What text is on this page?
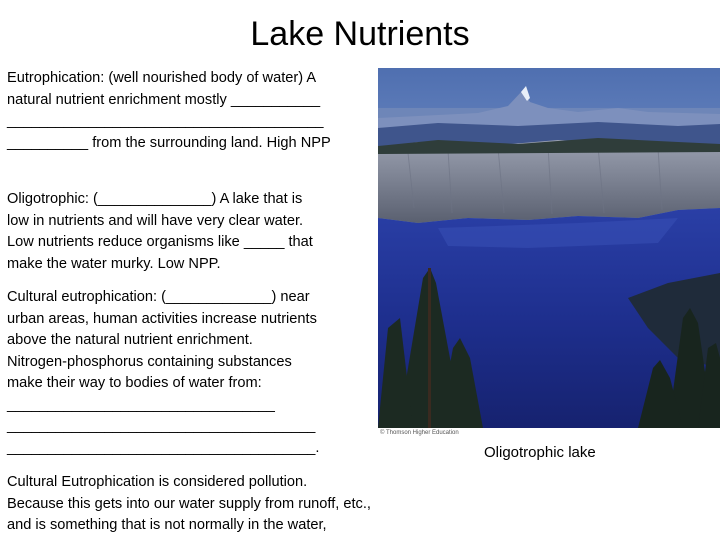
Lake Nutrients

Eutrophication: (well nourished body of water) A
natural nutrient enrichment mostly ___________
_______________________________________
__________ from the surrounding land. High NPP

Oligotrophic: (______________) A lake that is
low in nutrients and will have very clear water.
Low nutrients reduce organisms like _____ that
make the water murky. Low NPP.

Cultural eutrophication: (_____________) near
urban areas, human activities increase nutrients
above the natural nutrient enrichment.
Nitrogen-phosphorus containing substances
make their way to bodies of water from:
_________________________________
______________________________________
______________________________________.

Cultural Eutrophication is considered pollution.
Because this gets into our water supply from runoff, etc.,
and is something that is not normally in the water,

© Thomson Higher Education
Oligotrophic lake
